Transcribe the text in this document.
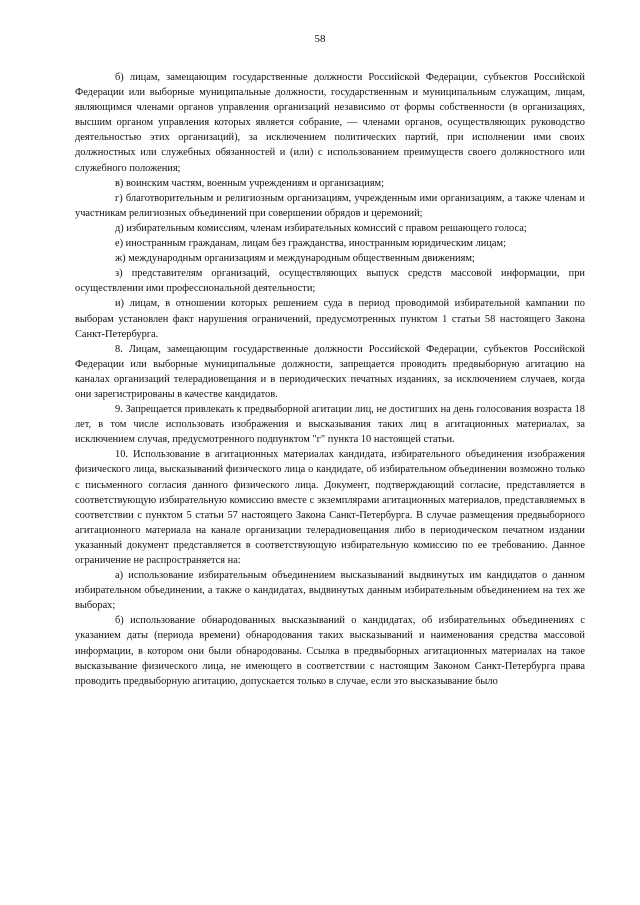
58

б) лицам, замещающим государственные должности Российской Федерации, субъектов Российской Федерации или выборные муниципальные должности, государственным и муниципальным служащим, лицам, являющимся членами органов управления организаций независимо от формы собственности (в организациях, высшим органом управления которых является собрание, — членами органов, осуществляющих руководство деятельностью этих организаций), за исключением политических партий, при исполнении ими своих должностных или служебных обязанностей и (или) с использованием преимуществ своего должностного или служебного положения;

в) воинским частям, военным учреждениям и организациям;

г) благотворительным и религиозным организациям, учрежденным ими организациям, а также членам и участникам религиозных объединений при совершении обрядов и церемоний;

д) избирательным комиссиям, членам избирательных комиссий с правом решающего голоса;

е) иностранным гражданам, лицам без гражданства, иностранным юридическим лицам;

ж) международным организациям и международным общественным движениям;

з) представителям организаций, осуществляющих выпуск средств массовой информации, при осуществлении ими профессиональной деятельности;

и) лицам, в отношении которых решением суда в период проводимой избирательной кампании по выборам установлен факт нарушения ограничений, предусмотренных пунктом 1 статьи 58 настоящего Закона Санкт-Петербурга.

8. Лицам, замещающим государственные должности Российской Федерации, субъектов Российской Федерации или выборные муниципальные должности, запрещается проводить предвыборную агитацию на каналах организаций телерадиовещания и в периодических печатных изданиях, за исключением случаев, когда они зарегистрированы в качестве кандидатов.

9. Запрещается привлекать к предвыборной агитации лиц, не достигших на день голосования возраста 18 лет, в том числе использовать изображения и высказывания таких лиц в агитационных материалах, за исключением случая, предусмотренного подпунктом "г" пункта 10 настоящей статьи.

10. Использование в агитационных материалах кандидата, избирательного объединения изображения физического лица, высказываний физического лица о кандидате, об избирательном объединении возможно только с письменного согласия данного физического лица. Документ, подтверждающий согласие, представляется в соответствующую избирательную комиссию вместе с экземплярами агитационных материалов, представляемых в соответствии с пунктом 5 статьи 57 настоящего Закона Санкт-Петербурга. В случае размещения предвыборного агитационного материала на канале организации телерадиовещания либо в периодическом печатном издании указанный документ представляется в соответствующую избирательную комиссию по ее требованию. Данное ограничение не распространяется на:

а) использование избирательным объединением высказываний выдвинутых им кандидатов о данном избирательном объединении, а также о кандидатах, выдвинутых данным избирательным объединением на тех же выборах;

б) использование обнародованных высказываний о кандидатах, об избирательных объединениях с указанием даты (периода времени) обнародования таких высказываний и наименования средства массовой информации, в котором они были обнародованы. Ссылка в предвыборных агитационных материалах на такое высказывание физического лица, не имеющего в соответствии с настоящим Законом Санкт-Петербурга права проводить предвыборную агитацию, допускается только в случае, если это высказывание было
